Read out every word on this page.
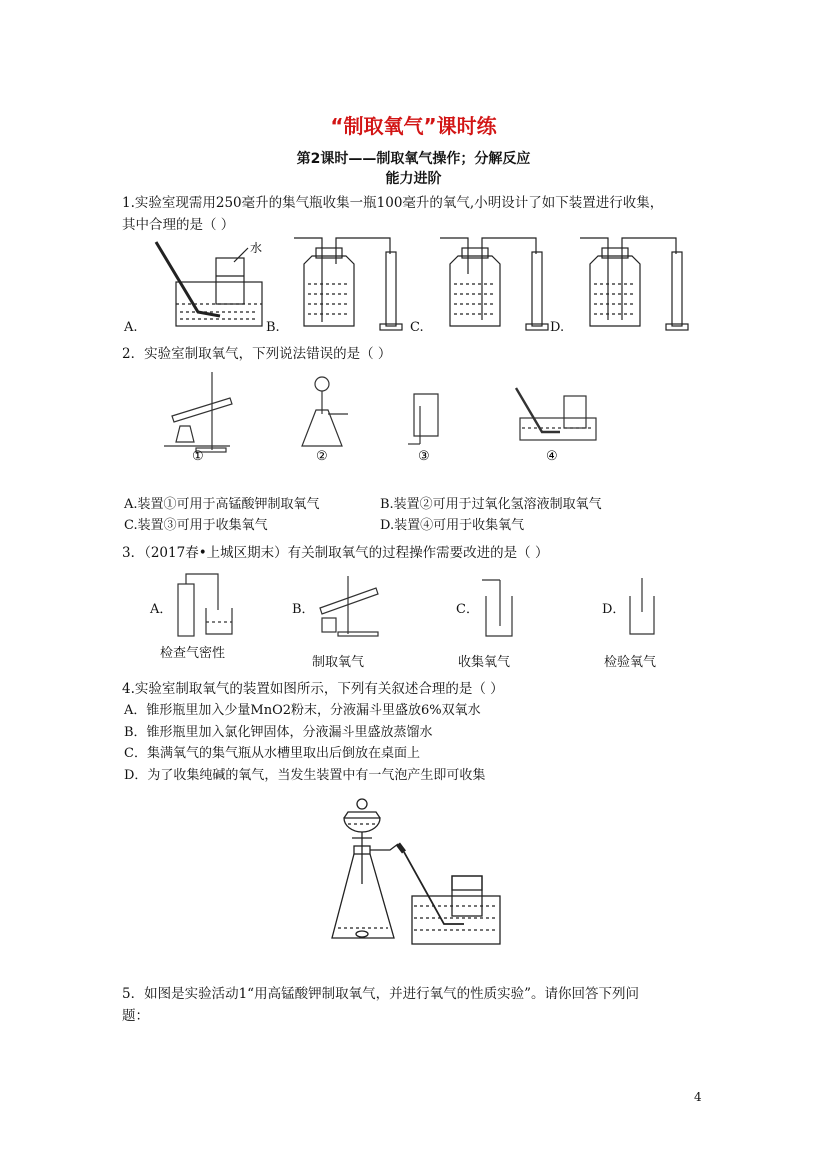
“制取氧气”课时练
第2课时——制取氧气操作；分解反应
能力进阶
1.实验室现需用250毫升的集气瓶收集一瓶100毫升的氧气,小明设计了如下装置进行收集，
其中合理的是（ ）
水
A.	B.	C.	D.
2．实验室制取氧气，下列说法错误的是（ ）
①	②	③	④
A.装置①可用于高锰酸钾制取氧气	B.装置②可用于过氧化氢溶液制取氧气
C.装置③可用于收集氧气	D.装置④可用于收集氧气
3．（2017春•上城区期末）有关制取氧气的过程操作需要改进的是（ ）
A．
检查气密性
B．
制取氧气
C．
收集氧气
D．
检验氧气
4.实验室制取氧气的装置如图所示，下列有关叙述合理的是（ ）
A．锥形瓶里加入少量MnO2粉末，分液漏斗里盛放6%双氧水
B．锥形瓶里加入氯化钾固体，分液漏斗里盛放蒸馏水
C．集满氧气的集气瓶从水槽里取出后倒放在桌面上
D．为了收集纯碱的氧气，当发生装置中有一气泡产生即可收集
5．如图是实验活动1“用高锰酸钾制取氧气，并进行氧气的性质实验”。请你回答下列问
题：
4
